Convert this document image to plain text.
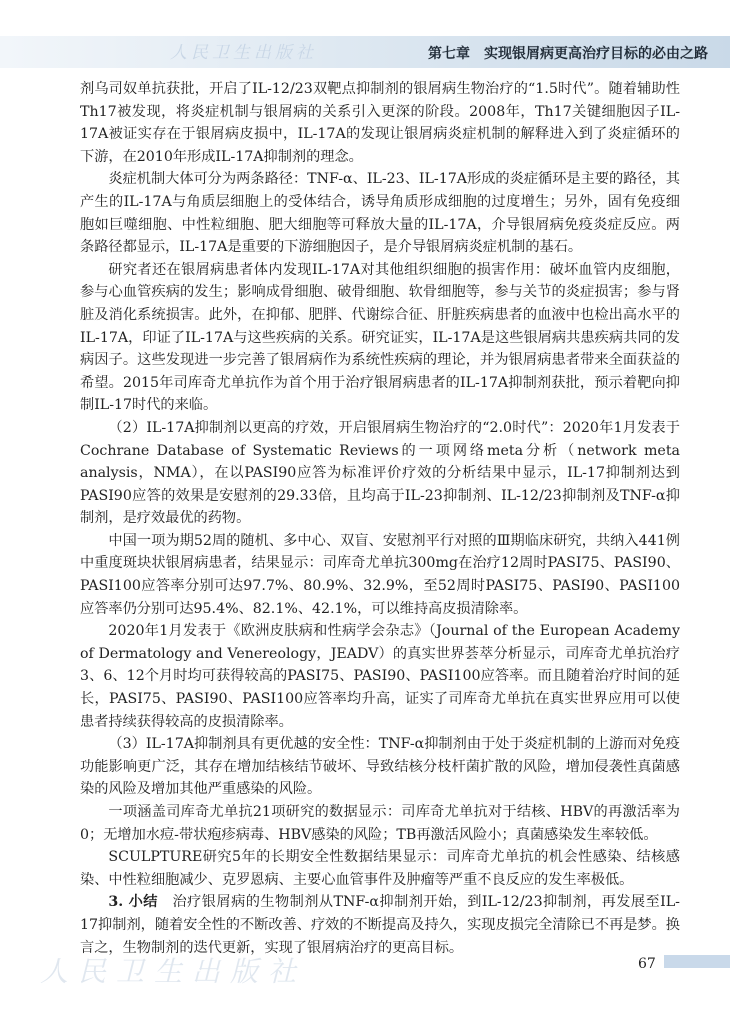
人民卫生出版社	第七章　实现银屑病更高治疗目标的必由之路

剂乌司奴单抗获批，开启了IL-12/23双靶点抑制剂的银屑病生物治疗的“1.5时代”。随着辅助性Th17被发现，将炎症机制与银屑病的关系引入更深的阶段。2008年，Th17关键细胞因子IL-17A被证实存在于银屑病皮损中，IL-17A的发现让银屑病炎症机制的解释进入到了炎症循环的下游，在2010年形成IL-17A抑制剂的理念。

炎症机制大体可分为两条路径：TNF-α、IL-23、IL-17A形成的炎症循环是主要的路径，其产生的IL-17A与角质层细胞上的受体结合，诱导角质形成细胞的过度增生；另外，固有免疫细胞如巨噬细胞、中性粒细胞、肥大细胞等可释放大量的IL-17A，介导银屑病免疫炎症反应。两条路径都显示，IL-17A是重要的下游细胞因子，是介导银屑病炎症机制的基石。

研究者还在银屑病患者体内发现IL-17A对其他组织细胞的损害作用：破坏血管内皮细胞，参与心血管疾病的发生；影响成骨细胞、破骨细胞、软骨细胞等，参与关节的炎症损害；参与肾脏及消化系统损害。此外，在抑郁、肥胖、代谢综合征、肝脏疾病患者的血液中也检出高水平的IL-17A，印证了IL-17A与这些疾病的关系。研究证实，IL-17A是这些银屑病共患疾病共同的发病因子。这些发现进一步完善了银屑病作为系统性疾病的理论，并为银屑病患者带来全面获益的希望。2015年司库奇尤单抗作为首个用于治疗银屑病患者的IL-17A抑制剂获批，预示着靶向抑制IL-17时代的来临。

（2）IL-17A抑制剂以更高的疗效，开启银屑病生物治疗的“2.0时代”：2020年1月发表于Cochrane Database of Systematic Reviews的一项网络meta分析（network meta analysis，NMA），在以PASI90应答为标准评价疗效的分析结果中显示，IL-17抑制剂达到PASI90应答的效果是安慰剂的29.33倍，且均高于IL-23抑制剂、IL-12/23抑制剂及TNF-α抑制剂，是疗效最优的药物。

中国一项为期52周的随机、多中心、双盲、安慰剂平行对照的Ⅲ期临床研究，共纳入441例中重度斑块状银屑病患者，结果显示：司库奇尤单抗300mg在治疗12周时PASI75、PASI90、PASI100应答率分别可达97.7%、80.9%、32.9%，至52周时PASI75、PASI90、PASI100应答率仍分别可达95.4%、82.1%、42.1%，可以维持高皮损清除率。

2020年1月发表于《欧洲皮肤病和性病学会杂志》（Journal of the European Academy of Dermatology and Venereology，JEADV）的真实世界荟萃分析显示，司库奇尤单抗治疗3、6、12个月时均可获得较高的PASI75、PASI90、PASI100应答率。而且随着治疗时间的延长，PASI75、PASI90、PASI100应答率均升高，证实了司库奇尤单抗在真实世界应用可以使患者持续获得较高的皮损清除率。

（3）IL-17A抑制剂具有更优越的安全性：TNF-α抑制剂由于处于炎症机制的上游而对免疫功能影响更广泛，其存在增加结核结节破坏、导致结核分枝杆菌扩散的风险，增加侵袭性真菌感染的风险及增加其他严重感染的风险。

一项涵盖司库奇尤单抗21项研究的数据显示：司库奇尤单抗对于结核、HBV的再激活率为0；无增加水痘-带状疱疹病毒、HBV感染的风险；TB再激活风险小；真菌感染发生率较低。

SCULPTURE研究5年的长期安全性数据结果显示：司库奇尤单抗的机会性感染、结核感染、中性粒细胞减少、克罗恩病、主要心血管事件及肿瘤等严重不良反应的发生率极低。

3. 小结　 治疗银屑病的生物制剂从TNF-α抑制剂开始，到IL-12/23抑制剂，再发展至IL-17抑制剂，随着安全性的不断改善、疗效的不断提高及持久，实现皮损完全清除已不再是梦。换言之，生物制剂的迭代更新，实现了银屑病治疗的更高目标。

人民卫生出版社	67
